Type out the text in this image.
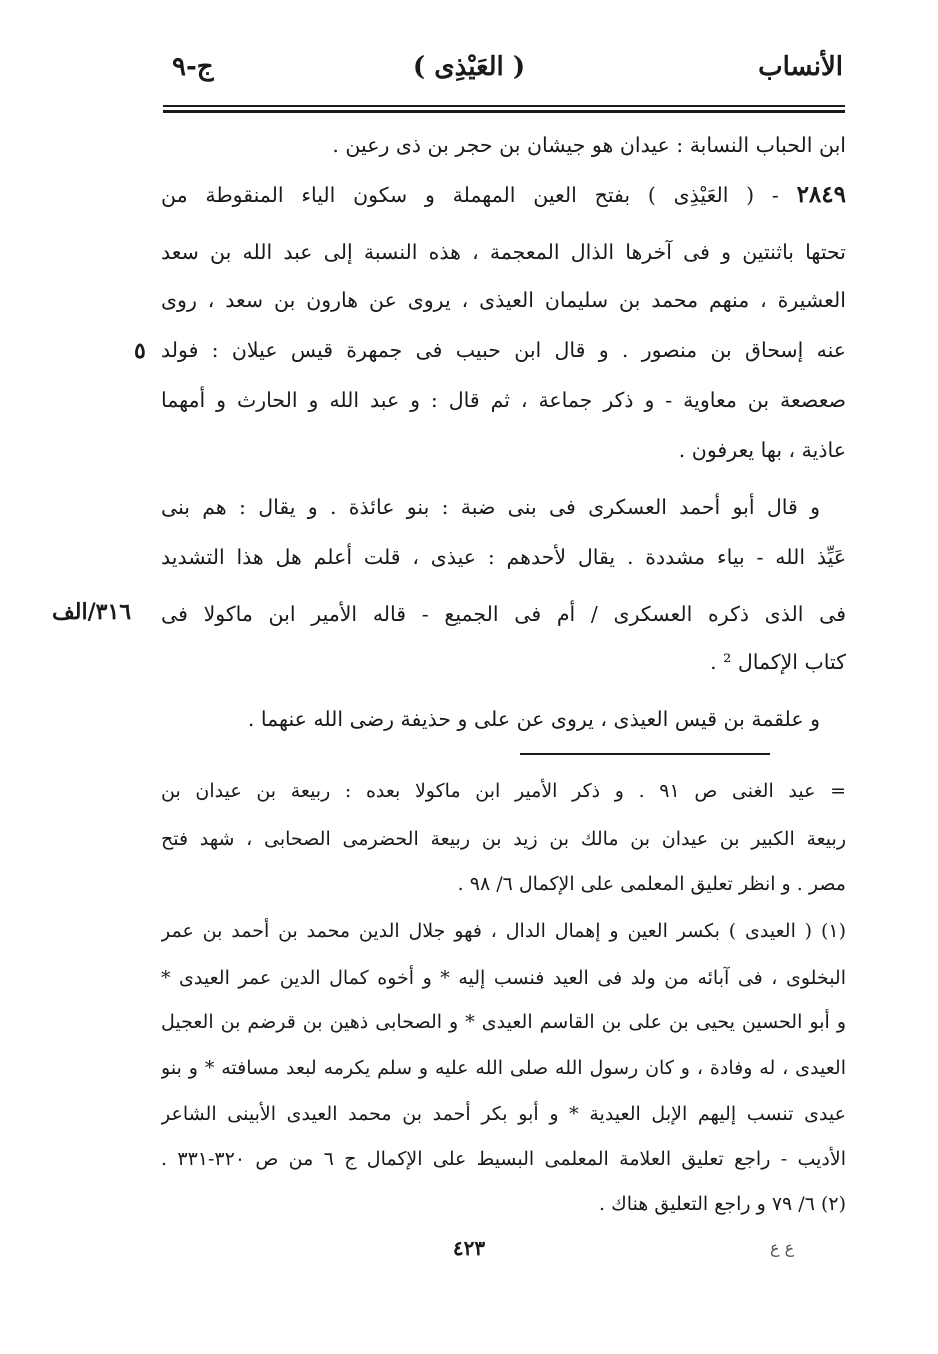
الأنساب
( العَيْذِى )
ج-٩
ابن الحباب النسابة : عيدان هو جيشان بن حجر بن ذى رعين .
٢٨٤٩ - ( العَيْذِى ) بفتح العين المهملة و سكون الياء المنقوطة من
تحتها باثنتين و فى آخرها الذال المعجمة ، هذه النسبة إلى عبد الله بن سعد
العشيرة ، منهم محمد بن سليمان العيذى ، يروى عن هارون بن سعد ، روى
عنه إسحاق بن منصور . و قال ابن حبيب فى جمهرة قيس عيلان : فولد
صعصعة بن معاوية - و ذكر جماعة ، ثم قال : و عبد الله و الحارث و أمهما
عاذية ، بها يعرفون .
و قال أبو أحمد العسكرى فى بنى ضبة : بنو عائذة . و يقال : هم بنى
عَيِّذ الله - بياء مشددة . يقال لأحدهم : عيذى ، قلت أعلم هل هذا التشديد
فى الذى ذكره العسكرى / أم فى الجميع - قاله الأمير ابن ماكولا فى
كتاب الإكمال ² .
و علقمة بن قيس العيذى ، يروى عن على و حذيفة رضى الله عنهما .
٥
٣١٦/الف
= عيد الغنى ص ٩١ . و ذكر الأمير ابن ماكولا بعده : ربيعة بن عيدان بن
ربيعة الكبير بن عيدان بن مالك بن زيد بن ربيعة الحضرمى الصحابى ، شهد فتح
مصر . و انظر تعليق المعلمى على الإكمال ٦/ ٩٨ .
(١) ( العيدى ) بكسر العين و إهمال الدال ، فهو جلال الدين محمد بن أحمد بن عمر
البخلوى ، فى آبائه من ولد فى العيد فنسب إليه * و أخوه كمال الدين عمر العيدى *
و أبو الحسين يحيى بن على بن القاسم العيدى * و الصحابى ذهين بن قرضم بن العجيل
العيدى ، له وفادة ، و كان رسول الله صلى الله عليه و سلم يكرمه لبعد مسافته * و بنو
عيدى تنسب إليهم الإبل العيدية * و أبو بكر أحمد بن محمد العيدى الأبينى الشاعر
الأديب - راجع تعليق العلامة المعلمى البسيط على الإكمال ج ٦ من ص ٣٢٠-٣٣١ .
(٢) ٦/ ٧٩ و راجع التعليق هناك .
٤٢٣	ع ع
